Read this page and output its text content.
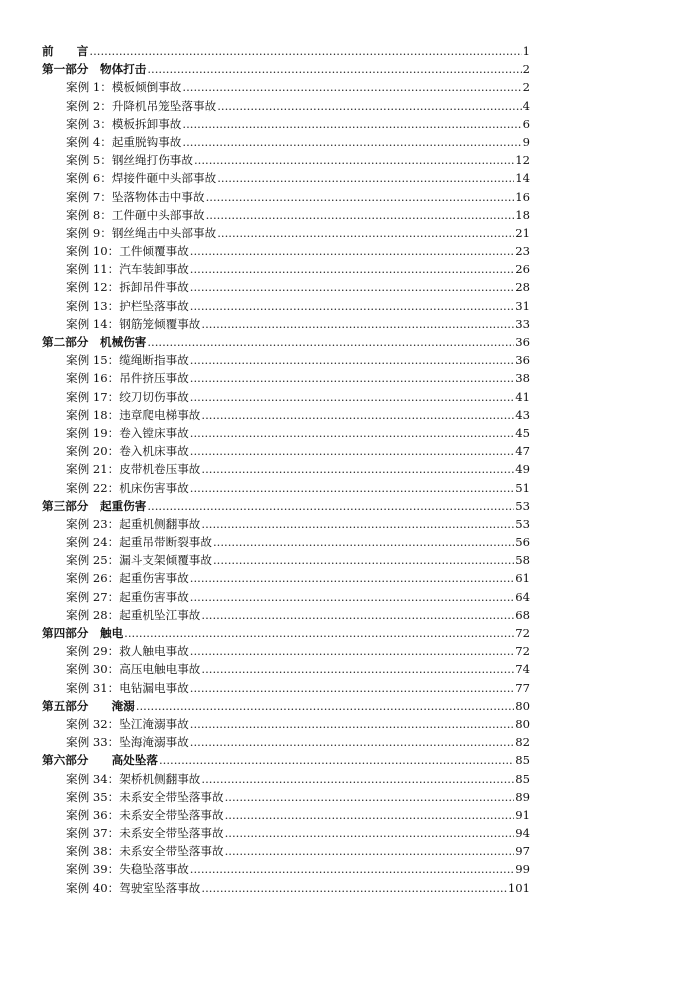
前　　言 .....	1
第一部分　物体打击 .....	2
案例 1：模板倾倒事故 .....	2
案例 2：升降机吊笼坠落事故 .....	4
案例 3：模板拆卸事故 .....	6
案例 4：起重脱钩事故 .....	9
案例 5：钢丝绳打伤事故 .....	12
案例 6：焊接件砸中头部事故 .....	14
案例 7：坠落物体击中事故 .....	16
案例 8：工件砸中头部事故 .....	18
案例 9：钢丝绳击中头部事故 .....	21
案例 10：工件倾覆事故 .....	23
案例 11：汽车装卸事故 .....	26
案例 12：拆卸吊件事故 .....	28
案例 13：护栏坠落事故 .....	31
案例 14：钢筋笼倾覆事故 .....	33
第二部分　机械伤害 .....	36
案例 15：缆绳断指事故 .....	36
案例 16：吊件挤压事故 .....	38
案例 17：绞刀切伤事故 .....	41
案例 18：违章爬电梯事故 .....	43
案例 19：卷入镗床事故 .....	45
案例 20：卷入机床事故 .....	47
案例 21：皮带机卷压事故 .....	49
案例 22：机床伤害事故 .....	51
第三部分　起重伤害 .....	53
案例 23：起重机侧翻事故 .....	53
案例 24：起重吊带断裂事故 .....	56
案例 25：漏斗支架倾覆事故 .....	58
案例 26：起重伤害事故 .....	61
案例 27：起重伤害事故 .....	64
案例 28：起重机坠江事故 .....	68
第四部分　触电 .....	72
案例 29：救人触电事故 .....	72
案例 30：高压电触电事故 .....	74
案例 31：电钻漏电事故 .....	77
第五部分　　淹溺 .....	80
案例 32：坠江淹溺事故 .....	80
案例 33：坠海淹溺事故 .....	82
第六部分　　高处坠落 .....	85
案例 34：架桥机侧翻事故 .....	85
案例 35：未系安全带坠落事故 .....	89
案例 36：未系安全带坠落事故 .....	91
案例 37：未系安全带坠落事故 .....	94
案例 38：未系安全带坠落事故 .....	97
案例 39：失稳坠落事故 .....	99
案例 40：驾驶室坠落事故 .....	101
